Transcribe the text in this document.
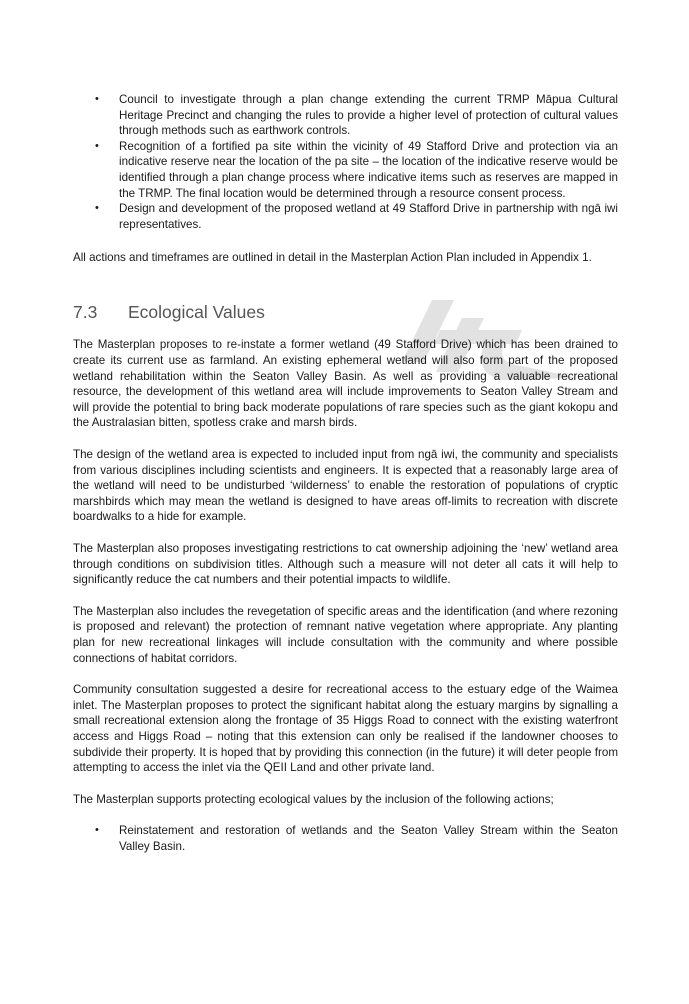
• Council to investigate through a plan change extending the current TRMP Māpua Cultural Heritage Precinct and changing the rules to provide a higher level of protection of cultural values through methods such as earthwork controls.
• Recognition of a fortified pa site within the vicinity of 49 Stafford Drive and protection via an indicative reserve near the location of the pa site – the location of the indicative reserve would be identified through a plan change process where indicative items such as reserves are mapped in the TRMP. The final location would be determined through a resource consent process.
• Design and development of the proposed wetland at 49 Stafford Drive in partnership with ngā iwi representatives.

All actions and timeframes are outlined in detail in the Masterplan Action Plan included in Appendix 1.

7.3	Ecological Values

The Masterplan proposes to re-instate a former wetland (49 Stafford Drive) which has been drained to create its current use as farmland. An existing ephemeral wetland will also form part of the proposed wetland rehabilitation within the Seaton Valley Basin. As well as providing a valuable recreational resource, the development of this wetland area will include improvements to Seaton Valley Stream and will provide the potential to bring back moderate populations of rare species such as the giant kokopu and the Australasian bitten, spotless crake and marsh birds.

The design of the wetland area is expected to included input from ngā iwi, the community and specialists from various disciplines including scientists and engineers. It is expected that a reasonably large area of the wetland will need to be undisturbed ‘wilderness’ to enable the restoration of populations of cryptic marshbirds which may mean the wetland is designed to have areas off-limits to recreation with discrete boardwalks to a hide for example.

The Masterplan also proposes investigating restrictions to cat ownership adjoining the ‘new’ wetland area through conditions on subdivision titles. Although such a measure will not deter all cats it will help to significantly reduce the cat numbers and their potential impacts to wildlife.

The Masterplan also includes the revegetation of specific areas and the identification (and where rezoning is proposed and relevant) the protection of remnant native vegetation where appropriate. Any planting plan for new recreational linkages will include consultation with the community and where possible connections of habitat corridors.

Community consultation suggested a desire for recreational access to the estuary edge of the Waimea inlet. The Masterplan proposes to protect the significant habitat along the estuary margins by signalling a small recreational extension along the frontage of 35 Higgs Road to connect with the existing waterfront access and Higgs Road – noting that this extension can only be realised if the landowner chooses to subdivide their property. It is hoped that by providing this connection (in the future) it will deter people from attempting to access the inlet via the QEII Land and other private land.

The Masterplan supports protecting ecological values by the inclusion of the following actions;

• Reinstatement and restoration of wetlands and the Seaton Valley Stream within the Seaton Valley Basin.
